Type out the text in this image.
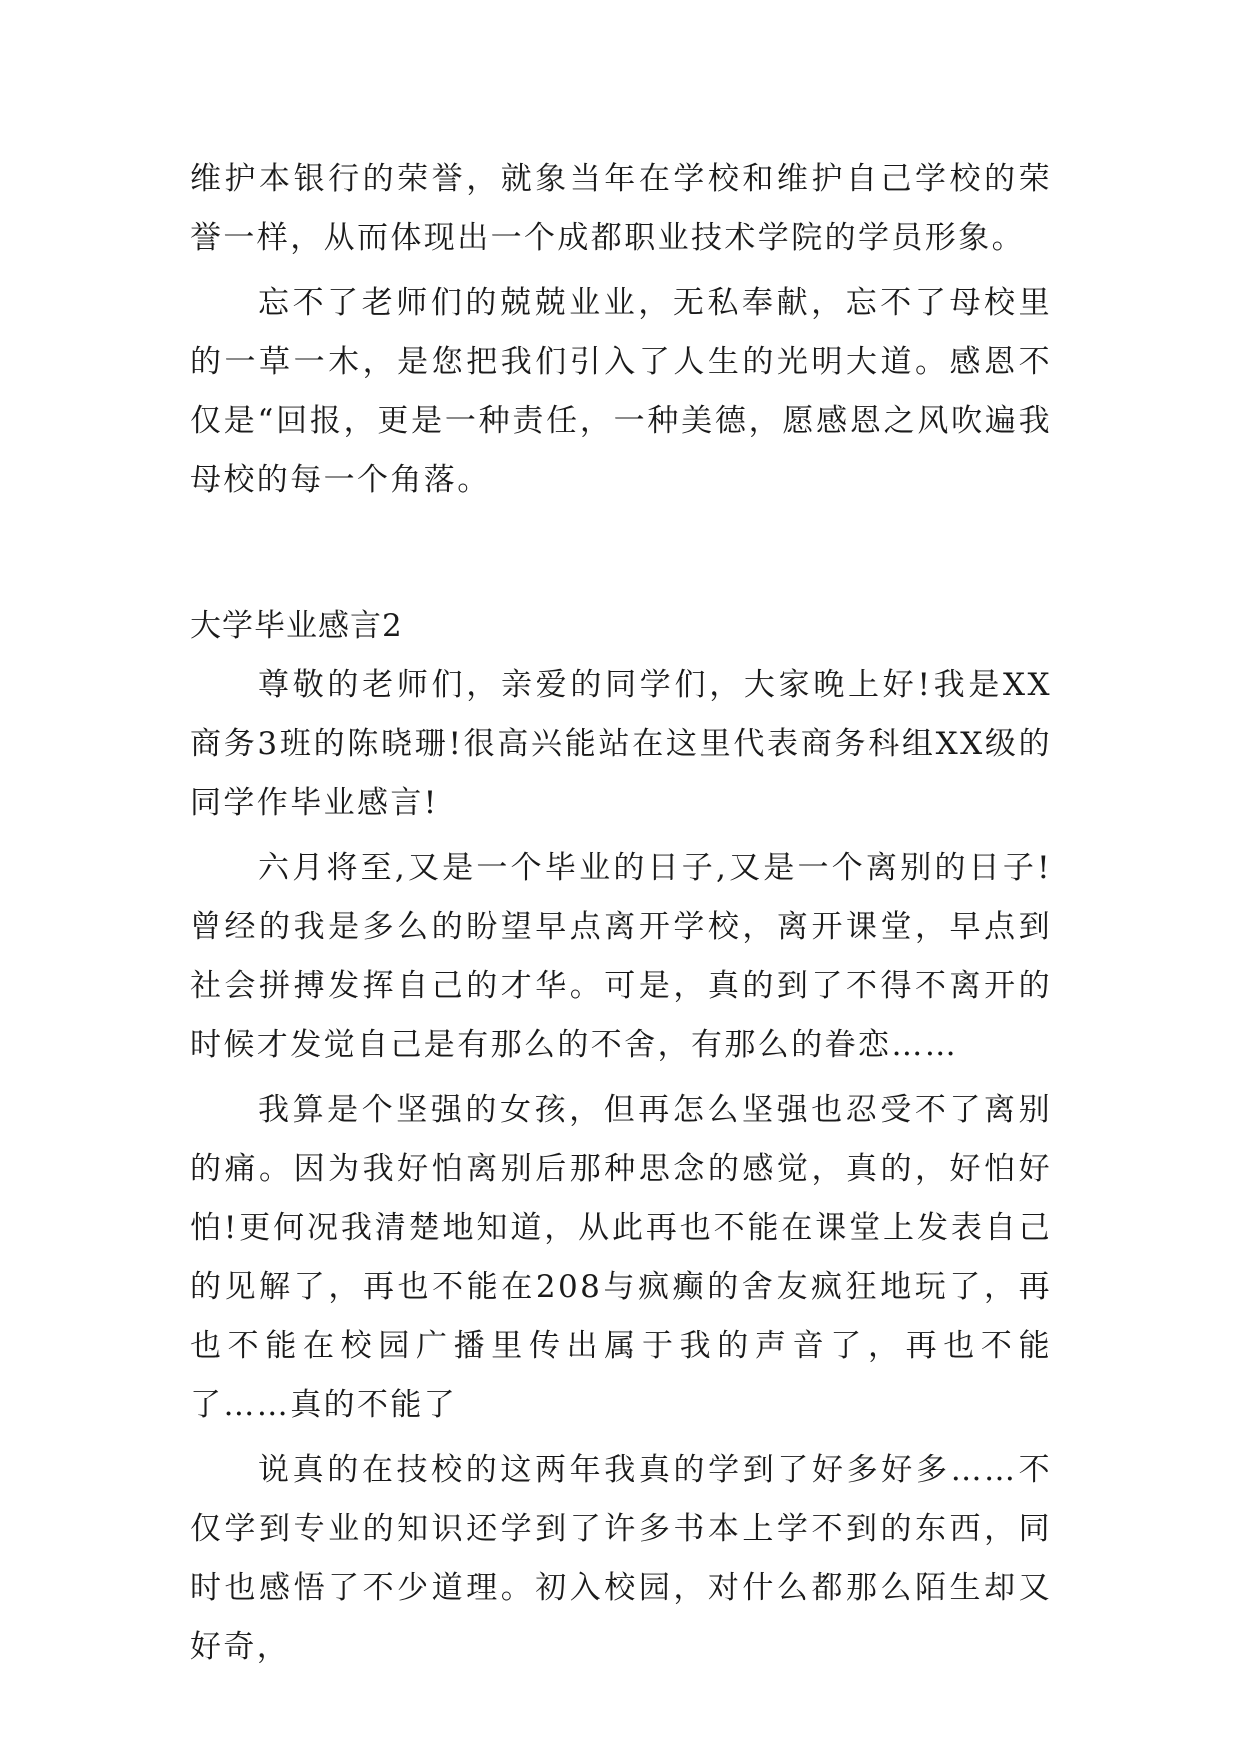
维护本银行的荣誉，就象当年在学校和维护自己学校的荣誉一样，从而体现出一个成都职业技术学院的学员形象。

忘不了老师们的兢兢业业，无私奉献，忘不了母校里的一草一木，是您把我们引入了人生的光明大道。感恩不仅是“回报，更是一种责任，一种美德，愿感恩之风吹遍我母校的每一个角落。

大学毕业感言2

尊敬的老师们，亲爱的同学们，大家晚上好!我是XX商务3班的陈晓珊!很高兴能站在这里代表商务科组XX级的同学作毕业感言!

六月将至,又是一个毕业的日子,又是一个离别的日子!曾经的我是多么的盼望早点离开学校，离开课堂，早点到社会拼搏发挥自己的才华。可是，真的到了不得不离开的时候才发觉自己是有那么的不舍，有那么的眷恋……

我算是个坚强的女孩，但再怎么坚强也忍受不了离别的痛。因为我好怕离别后那种思念的感觉，真的，好怕好怕!更何况我清楚地知道，从此再也不能在课堂上发表自己的见解了，再也不能在208与疯癫的舍友疯狂地玩了，再也不能在校园广播里传出属于我的声音了，再也不能了……真的不能了

说真的在技校的这两年我真的学到了好多好多……不仅学到专业的知识还学到了许多书本上学不到的东西，同时也感悟了不少道理。初入校园，对什么都那么陌生却又好奇，
